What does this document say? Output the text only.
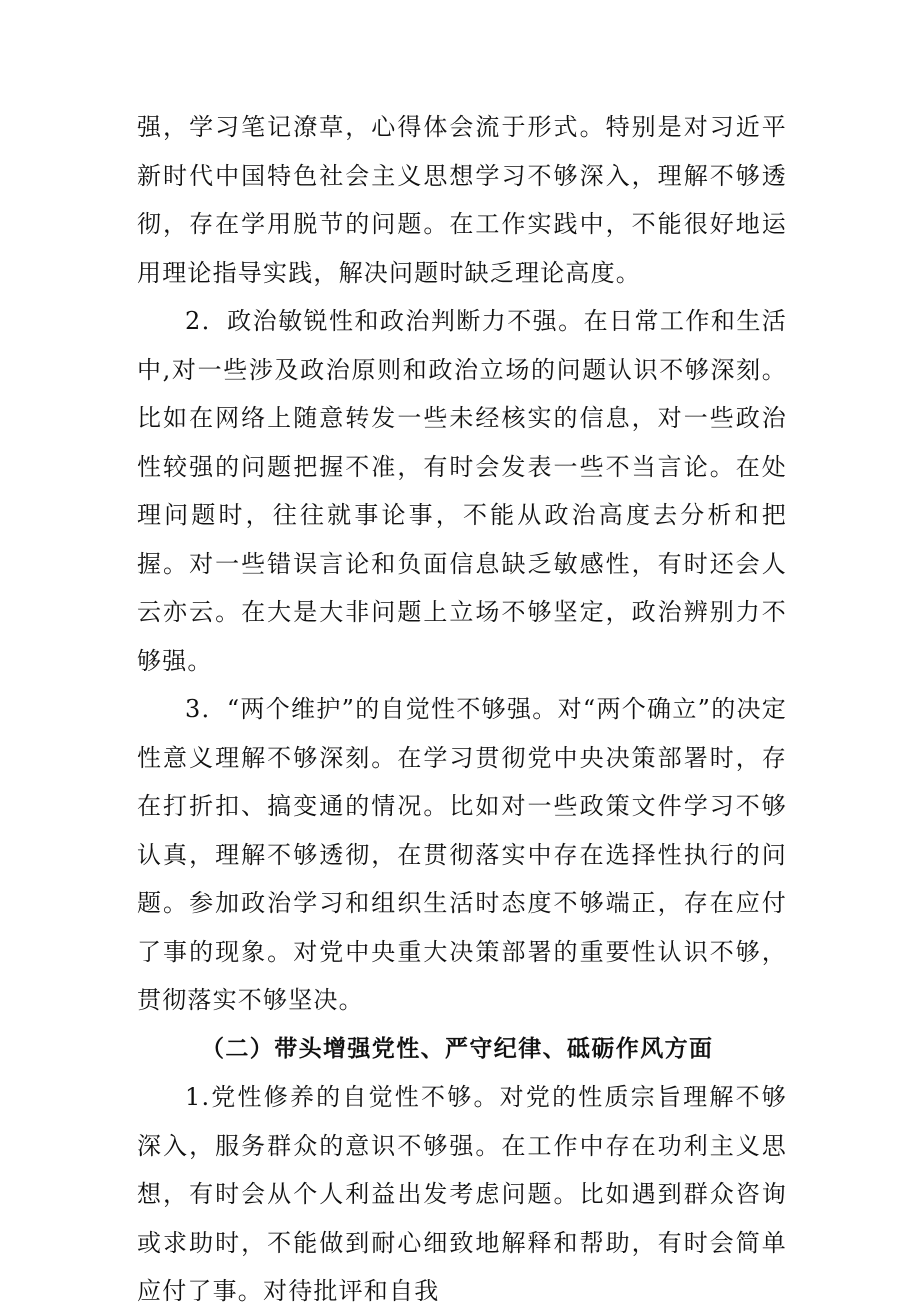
强，学习笔记潦草，心得体会流于形式。特别是对习近平新时代中国特色社会主义思想学习不够深入，理解不够透彻，存在学用脱节的问题。在工作实践中，不能很好地运用理论指导实践，解决问题时缺乏理论高度。

2．政治敏锐性和政治判断力不强。在日常工作和生活中,对一些涉及政治原则和政治立场的问题认识不够深刻。比如在网络上随意转发一些未经核实的信息，对一些政治性较强的问题把握不准，有时会发表一些不当言论。在处理问题时，往往就事论事，不能从政治高度去分析和把握。对一些错误言论和负面信息缺乏敏感性，有时还会人云亦云。在大是大非问题上立场不够坚定，政治辨别力不够强。

3．“两个维护”的自觉性不够强。对“两个确立”的决定性意义理解不够深刻。在学习贯彻党中央决策部署时，存在打折扣、搞变通的情况。比如对一些政策文件学习不够认真，理解不够透彻，在贯彻落实中存在选择性执行的问题。参加政治学习和组织生活时态度不够端正，存在应付了事的现象。对党中央重大决策部署的重要性认识不够，贯彻落实不够坚决。

（二）带头增强党性、严守纪律、砥砺作风方面

1.党性修养的自觉性不够。对党的性质宗旨理解不够深入，服务群众的意识不够强。在工作中存在功利主义思想，有时会从个人利益出发考虑问题。比如遇到群众咨询或求助时，不能做到耐心细致地解释和帮助，有时会简单应付了事。对待批评和自我
